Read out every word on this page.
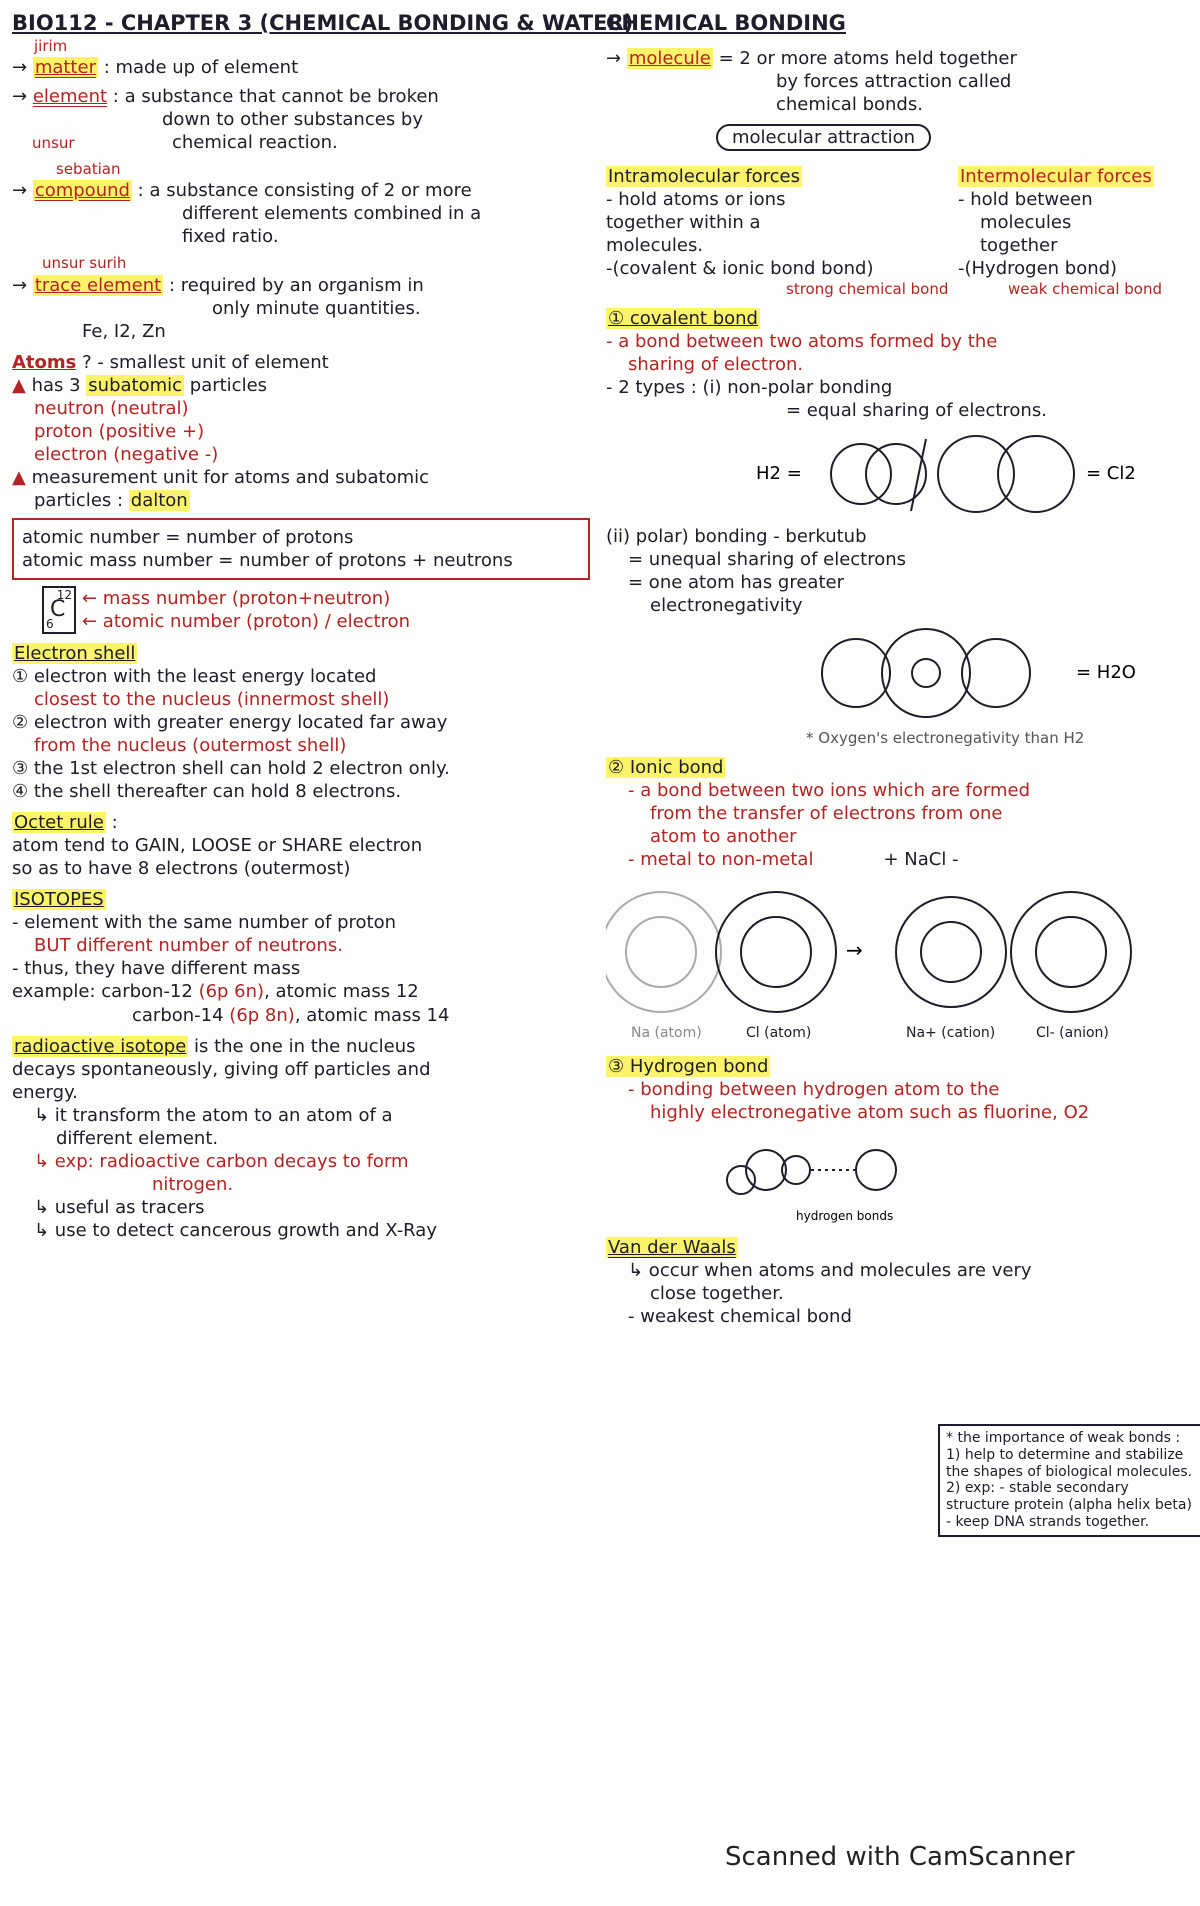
BIO112 - CHAPTER 3 (CHEMICAL BONDING & WATER)

jirim

→ matter : made up of element

→ element : a substance that cannot be broken

down to other substances by

unsur	chemical reaction.

sebatian

→ compound : a substance consisting of 2 or more

different elements combined in a

fixed ratio.

unsur surih

→ trace element : required by an organism in

only minute quantities.

Fe, I2, Zn

Atoms ? - smallest unit of element

▲ has 3 subatomic particles

neutron (neutral)

proton (positive +)

electron (negative -)

▲ measurement unit for atoms and subatomic

particles : dalton

atomic number = number of protons

atomic mass number = number of protons + neutrons

12
C
6

← mass number (proton+neutron)

← atomic number (proton) / electron

Electron shell

① electron with the least energy located

closest to the nucleus (innermost shell)

② electron with greater energy located far away

from the nucleus (outermost shell)

③ the 1st electron shell can hold 2 electron only.

④ the shell thereafter can hold 8 electrons.

Octet rule :

atom tend to GAIN, LOOSE or SHARE electron

so as to have 8 electrons (outermost)

ISOTOPES

- element with the same number of proton

BUT different number of neutrons.

- thus, they have different mass

example: carbon-12 (6p 6n), atomic mass 12

carbon-14 (6p 8n), atomic mass 14

radioactive isotope is the one in the nucleus

decays spontaneously, giving off particles and

energy.

↳ it transform the atom to an atom of a

different element.

↳ exp: radioactive carbon decays to form

nitrogen.

↳ useful as tracers

↳ use to detect cancerous growth and X-Ray

CHEMICAL BONDING

→ molecule = 2 or more atoms held together

by forces attraction called

chemical bonds.

molecular attraction

Intramolecular forces

- hold atoms or ions

together within a

molecules.

-(covalent & ionic bond bond)

strong chemical bond

Intermolecular forces

- hold between

molecules

together

-(Hydrogen bond)

weak chemical bond

① covalent bond

- a bond between two atoms formed by the

sharing of electron.

- 2 types : (i) non-polar bonding

= equal sharing of electrons.

H2 =	= Cl2

(ii) polar) bonding - berkutub

= unequal sharing of electrons

= one atom has greater

electronegativity

= H2O

* Oxygen's electronegativity than H2

② Ionic bond

- a bond between two ions which are formed

from the transfer of electrons from one

atom to another

- metal to non-metal	+ NaCl -

→
Na (atom)	Cl (atom)	Na+ (cation)	Cl- (anion)

③ Hydrogen bond

- bonding between hydrogen atom to the

highly electronegative atom such as fluorine, O2

hydrogen bonds

Van der Waals

↳ occur when atoms and molecules are very

close together.

- weakest chemical bond

* the importance of weak bonds :

1) help to determine and stabilize the shapes of biological molecules.

2) exp: - stable secondary structure protein (alpha helix beta)

- keep DNA strands together.

Scanned with CamScanner
